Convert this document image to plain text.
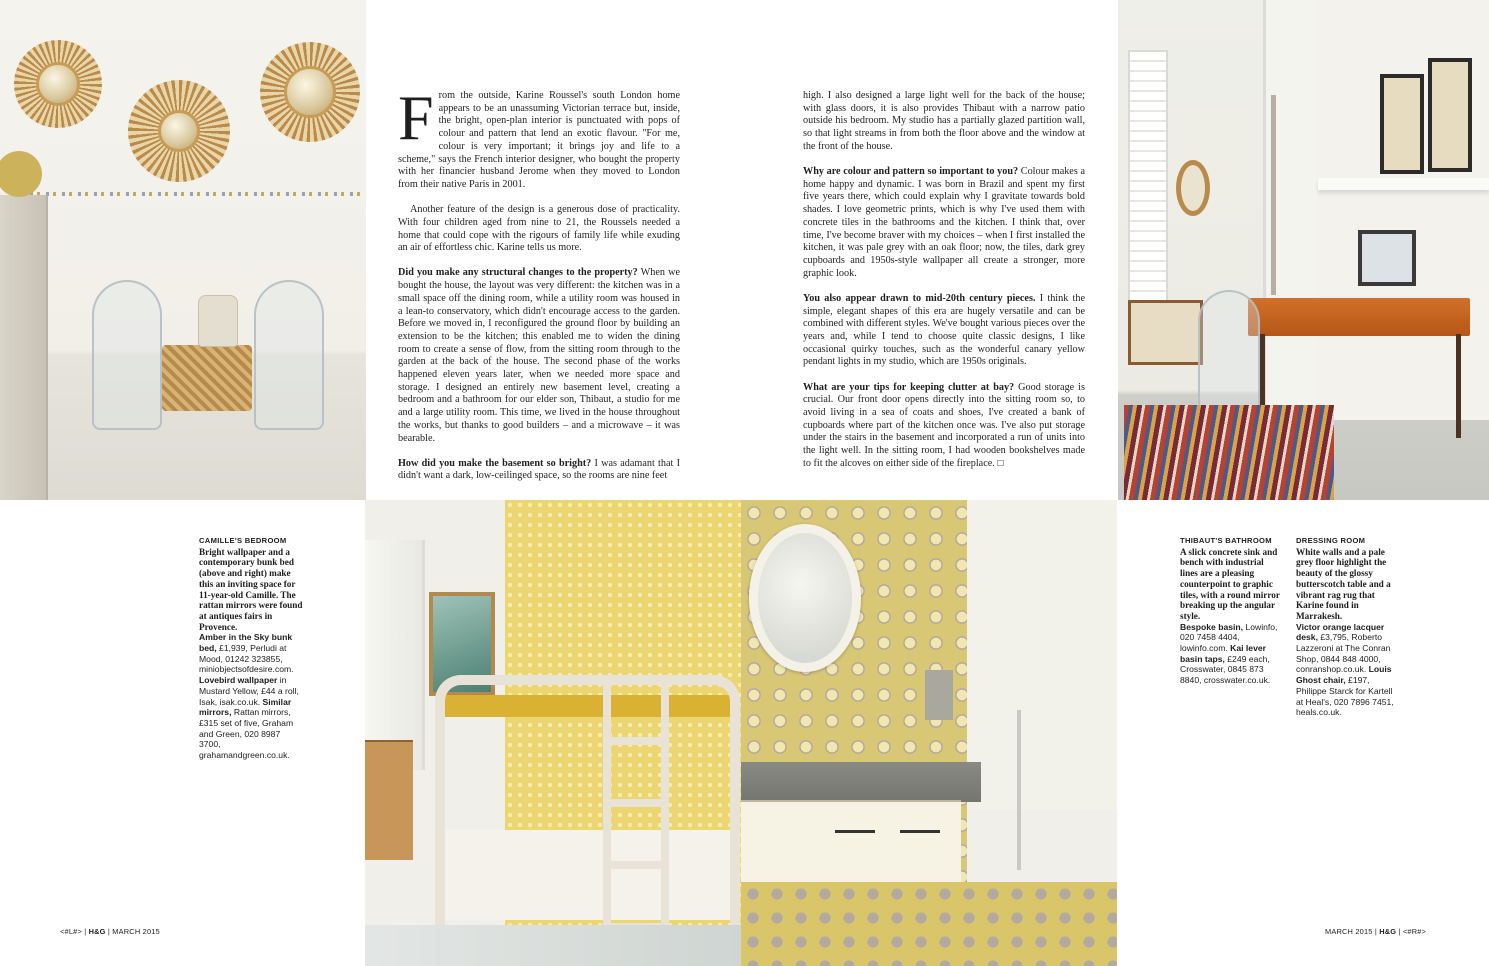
From the outside, Karine Roussel's south London home appears to be an unassuming Victorian terrace but, inside, the bright, open-plan interior is punctuated with pops of colour and pattern that lend an exotic flavour. "For me, colour is very important; it brings joy and life to a scheme," says the French interior designer, who bought the property with her financier husband Jerome when they moved to London from their native Paris in 2001.

Another feature of the design is a generous dose of practicality. With four children aged from nine to 21, the Roussels needed a home that could cope with the rigours of family life while exuding an air of effortless chic. Karine tells us more.

Did you make any structural changes to the property? When we bought the house, the layout was very different: the kitchen was in a small space off the dining room, while a utility room was housed in a lean-to conservatory, which didn't encourage access to the garden. Before we moved in, I reconfigured the ground floor by building an extension to be the kitchen; this enabled me to widen the dining room to create a sense of flow, from the sitting room through to the garden at the back of the house. The second phase of the works happened eleven years later, when we needed more space and storage. I designed an entirely new basement level, creating a bedroom and a bathroom for our elder son, Thibaut, a studio for me and a large utility room. This time, we lived in the house throughout the works, but thanks to good builders – and a microwave – it was bearable.

How did you make the basement so bright? I was adamant that I didn't want a dark, low-ceilinged space, so the rooms are nine feet

high. I also designed a large light well for the back of the house; with glass doors, it is also provides Thibaut with a narrow patio outside his bedroom. My studio has a partially glazed partition wall, so that light streams in from both the floor above and the window at the front of the house.

Why are colour and pattern so important to you? Colour makes a home happy and dynamic. I was born in Brazil and spent my first five years there, which could explain why I gravitate towards bold shades. I love geometric prints, which is why I've used them with concrete tiles in the bathrooms and the kitchen. I think that, over time, I've become braver with my choices – when I first installed the kitchen, it was pale grey with an oak floor; now, the tiles, dark grey cupboards and 1950s-style wallpaper all create a stronger, more graphic look.

You also appear drawn to mid-20th century pieces. I think the simple, elegant shapes of this era are hugely versatile and can be combined with different styles. We've bought various pieces over the years and, while I tend to choose quite classic designs, I like occasional quirky touches, such as the wonderful canary yellow pendant lights in my studio, which are 1950s originals.

What are your tips for keeping clutter at bay? Good storage is crucial. Our front door opens directly into the sitting room so, to avoid living in a sea of coats and shoes, I've created a bank of cupboards where part of the kitchen once was. I've also put storage under the stairs in the basement and incorporated a run of units into the light well. In the sitting room, I had wooden bookshelves made to fit the alcoves on either side of the fireplace. □

CAMILLE'S BEDROOM
Bright wallpaper and a contemporary bunk bed (above and right) make this an inviting space for 11-year-old Camille. The rattan mirrors were found at antiques fairs in Provence.
Amber in the Sky bunk bed, £1,939, Perludi at Mood, 01242 323855, miniobjectsofdesire.com. Lovebird wallpaper in Mustard Yellow, £44 a roll, Isak, isak.co.uk. Similar mirrors, Rattan mirrors, £315 set of five, Graham and Green, 020 8987 3700, grahamandgreen.co.uk.
THIBAUT'S BATHROOM
A slick concrete sink and bench with industrial lines are a pleasing counterpoint to graphic tiles, with a round mirror breaking up the angular style.
Bespoke basin, Lowinfo, 020 7458 4404, lowinfo.com. Kai lever basin taps, £249 each, Crosswater, 0845 873 8840, crosswater.co.uk.
DRESSING ROOM
White walls and a pale grey floor highlight the beauty of the glossy butterscotch table and a vibrant rag rug that Karine found in Marrakesh.
Victor orange lacquer desk, £3,795, Roberto Lazzeroni at The Conran Shop, 0844 848 4000, conranshop.co.uk. Louis Ghost chair, £197, Philippe Starck for Kartell at Heal's, 020 7896 7451, heals.co.uk.
<#L#> | H&G | MARCH 2015	MARCH 2015 | H&G | <#R#>
